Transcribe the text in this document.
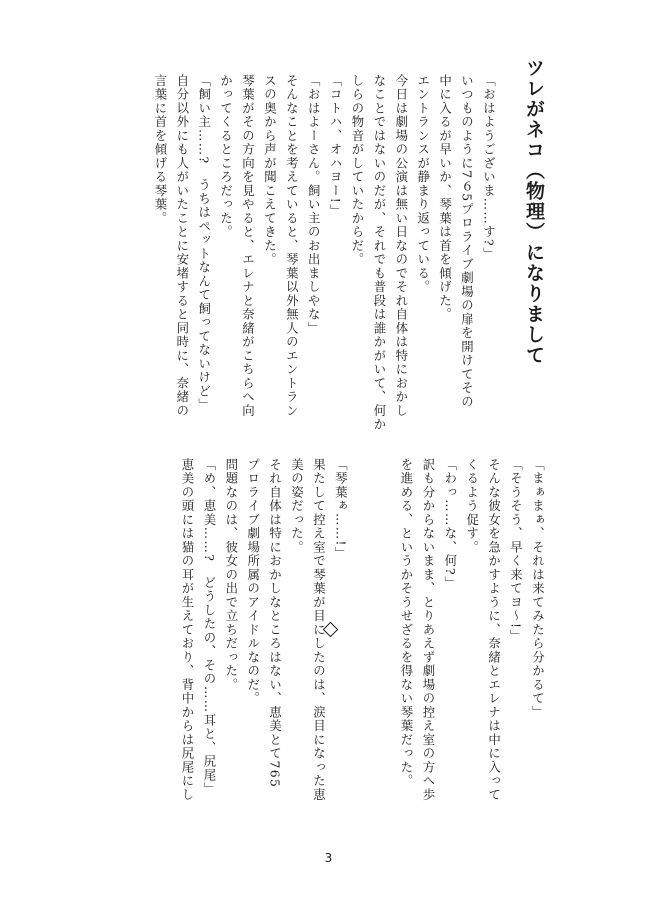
ツレがネコ（物理）になりまして
「おはようございま……す?」
いつものように7６5プロライブ劇場の扉を開けてその
中に入るが早いか、琴葉は首を傾げた。
エントランスが静まり返っている。
今日は劇場の公演は無い日なのでそれ自体は特におかし
なことではないのだが、それでも普段は誰かがいて、何か
しらの物音がしていたからだ。
「コトハ、オハヨー!」
「おはよーさん。飼い主のお出ましやな」
そんなことを考えていると、琴葉以外無人のエントラン
スの奥から声が聞こえてきた。
琴葉がその方向を見やると、エレナと奈緒がこちらへ向
かってくるところだった。
「飼い主……?　うちはペットなんて飼ってないけど」
自分以外にも人がいたことに安堵すると同時に、奈緒の
言葉に首を傾げる琴葉。
「まぁまぁ、それは来てみたら分かるて」
「そうそう、早く来てヨ〜!」
そんな彼女を急かすように、奈緒とエレナは中に入って
くるよう促す。
「わっ……な、何?」
訳も分からないまま、とりあえず劇場の控え室の方へ歩
を進める、というかそうせざるを得ない琴葉だった。
「琴葉ぁ……!」
果たして控え室で琴葉が目にしたのは、涙目になった恵
美の姿だった。
それ自体は特におかしなところはない、恵美とて765
プロライブ劇場所属のアイドルなのだ。
問題なのは、彼女の出で立ちだった。
「め、恵美……?　どうしたの、その……耳と、尻尾」
恵美の頭には猫の耳が生えており、背中からは尻尾にし
3
